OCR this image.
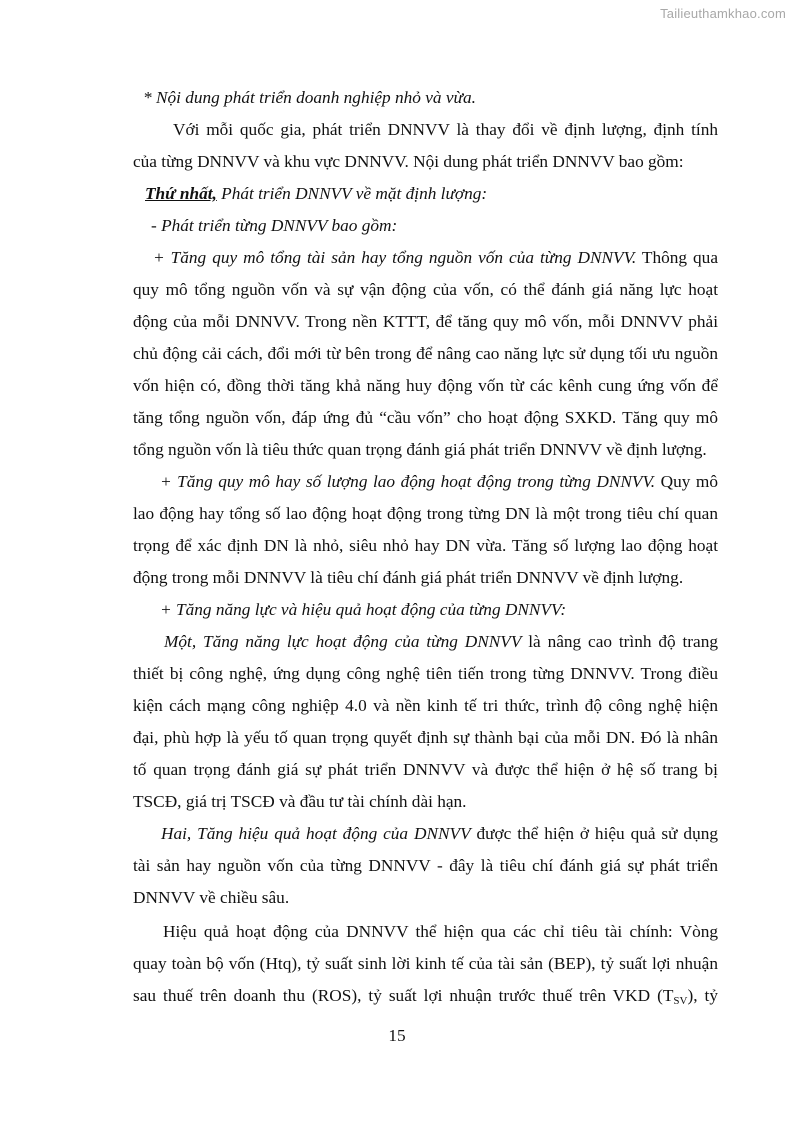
Tailieuthamkhao.com
* Nội dung phát triển doanh nghiệp nhỏ và vừa.
Với mỗi quốc gia, phát triển DNNVV là thay đổi về định lượng, định tính
của từng DNNVV và khu vực DNNVV. Nội dung phát triển DNNVV bao gồm:
Thứ nhất, Phát triển DNNVV về mặt định lượng:
- Phát triển từng DNNVV bao gồm:
+ Tăng quy mô tổng tài sản hay tổng nguồn vốn của từng DNNVV. Thông qua
quy mô tổng nguồn vốn và sự vận động của vốn, có thể đánh giá năng lực hoạt
động của mỗi DNNVV. Trong nền KTTT, để tăng quy mô vốn, mỗi DNNVV phải
chủ động cải cách, đổi mới từ bên trong để nâng cao năng lực sử dụng tối ưu nguồn
vốn hiện có, đồng thời tăng khả năng huy động vốn từ các kênh cung ứng vốn để
tăng tổng nguồn vốn, đáp ứng đủ “cầu vốn” cho hoạt động SXKD. Tăng quy mô
tổng nguồn vốn là tiêu thức quan trọng đánh giá phát triển DNNVV về định lượng.
+ Tăng quy mô hay số lượng lao động hoạt động trong từng DNNVV. Quy mô
lao động hay tổng số lao động hoạt động trong từng DN là một trong tiêu chí quan
trọng để xác định DN là nhỏ, siêu nhỏ hay DN vừa. Tăng số lượng lao động hoạt
động trong mỗi DNNVV là tiêu chí đánh giá phát triển DNNVV về định lượng.
+ Tăng năng lực và hiệu quả hoạt động của từng DNNVV:
Một, Tăng năng lực hoạt động của từng DNNVV là nâng cao trình độ trang
thiết bị công nghệ, ứng dụng công nghệ tiên tiến trong từng DNNVV. Trong điều
kiện cách mạng công nghiệp 4.0 và nền kinh tế tri thức, trình độ công nghệ hiện
đại, phù hợp là yếu tố quan trọng quyết định sự thành bại của mỗi DN. Đó là nhân
tố quan trọng đánh giá sự phát triển DNNVV và được thể hiện ở hệ số trang bị
TSCĐ, giá trị TSCĐ và đầu tư tài chính dài hạn.
Hai, Tăng hiệu quả hoạt động của DNNVV được thể hiện ở hiệu quả sử dụng
tài sản hay nguồn vốn của từng DNNVV - đây là tiêu chí đánh giá sự phát triển
DNNVV về chiều sâu.
Hiệu quả hoạt động của DNNVV thể hiện qua các chỉ tiêu tài chính: Vòng
quay toàn bộ vốn (Htq), tỷ suất sinh lời kinh tế của tài sản (BEP), tỷ suất lợi nhuận
sau thuế trên doanh thu (ROS), tỷ suất lợi nhuận trước thuế trên VKD $(T_{SV})$, tỷ
15
